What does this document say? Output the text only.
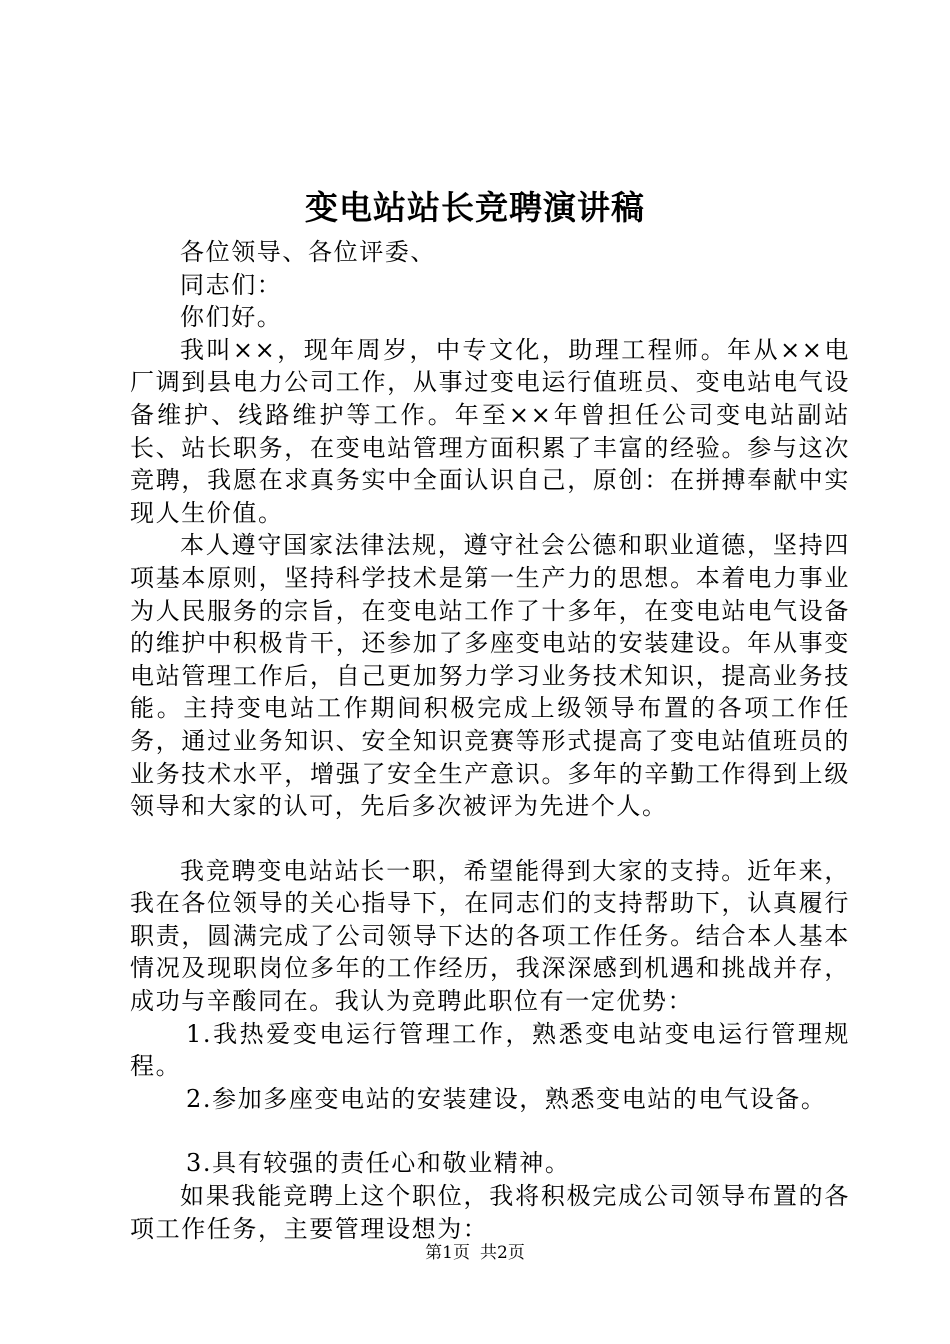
变电站站长竞聘演讲稿

各位领导、各位评委、

同志们：

你们好。

我叫××，现年周岁，中专文化，助理工程师。年从××电厂调到县电力公司工作，从事过变电运行值班员、变电站电气设备维护、线路维护等工作。年至××年曾担任公司变电站副站长、站长职务，在变电站管理方面积累了丰富的经验。参与这次竞聘，我愿在求真务实中全面认识自己，原创：在拼搏奉献中实现人生价值。

本人遵守国家法律法规，遵守社会公德和职业道德，坚持四项基本原则，坚持科学技术是第一生产力的思想。本着电力事业为人民服务的宗旨，在变电站工作了十多年，在变电站电气设备的维护中积极肯干，还参加了多座变电站的安装建设。年从事变电站管理工作后，自己更加努力学习业务技术知识，提高业务技能。主持变电站工作期间积极完成上级领导布置的各项工作任务，通过业务知识、安全知识竞赛等形式提高了变电站值班员的业务技术水平，增强了安全生产意识。多年的辛勤工作得到上级领导和大家的认可，先后多次被评为先进个人。

我竞聘变电站站长一职，希望能得到大家的支持。近年来，我在各位领导的关心指导下，在同志们的支持帮助下，认真履行职责，圆满完成了公司领导下达的各项工作任务。结合本人基本情况及现职岗位多年的工作经历，我深深感到机遇和挑战并存，成功与辛酸同在。我认为竞聘此职位有一定优势：

1.我热爱变电运行管理工作，熟悉变电站变电运行管理规程。

2.参加多座变电站的安装建设，熟悉变电站的电气设备。

3.具有较强的责任心和敬业精神。

如果我能竞聘上这个职位，我将积极完成公司领导布置的各项工作任务，主要管理设想为：

第1页 共2页
